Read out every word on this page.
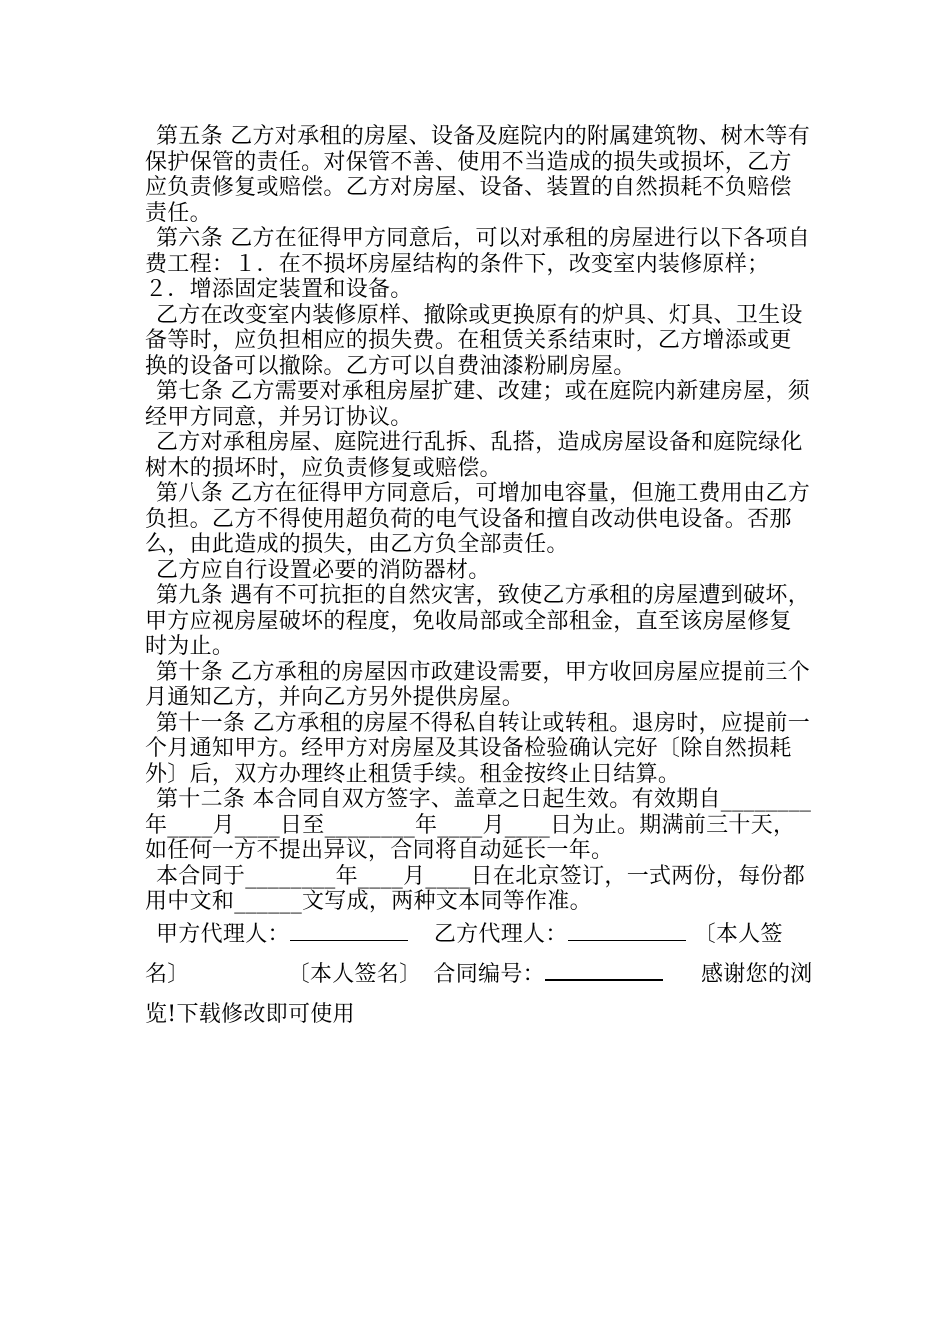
第五条 乙方对承租的房屋、设备及庭院内的附属建筑物、树木等有保护保管的责任。对保管不善、使用不当造成的损失或损坏，乙方应负责修复或赔偿。乙方对房屋、设备、装置的自然损耗不负赔偿责任。

第六条 乙方在征得甲方同意后，可以对承租的房屋进行以下各项自费工程：１．在不损坏房屋结构的条件下，改变室内装修原样；２．增添固定装置和设备。

乙方在改变室内装修原样、撤除或更换原有的炉具、灯具、卫生设备等时，应负担相应的损失费。在租赁关系结束时，乙方增添或更换的设备可以撤除。乙方可以自费油漆粉刷房屋。

第七条 乙方需要对承租房屋扩建、改建；或在庭院内新建房屋，须经甲方同意，并另订协议。

乙方对承租房屋、庭院进行乱拆、乱搭，造成房屋设备和庭院绿化树木的损坏时，应负责修复或赔偿。

第八条 乙方在征得甲方同意后，可增加电容量，但施工费用由乙方负担。乙方不得使用超负荷的电气设备和擅自改动供电设备。否那么，由此造成的损失，由乙方负全部责任。

乙方应自行设置必要的消防器材。

第九条 遇有不可抗拒的自然灾害，致使乙方承租的房屋遭到破坏，甲方应视房屋破坏的程度，免收局部或全部租金，直至该房屋修复时为止。

第十条 乙方承租的房屋因市政建设需要，甲方收回房屋应提前三个月通知乙方，并向乙方另外提供房屋。

第十一条 乙方承租的房屋不得私自转让或转租。退房时，应提前一个月通知甲方。经甲方对房屋及其设备检验确认完好〔除自然损耗外〕后，双方办理终止租赁手续。租金按终止日结算。

第十二条 本合同自双方签字、盖章之日起生效。有效期自________年____月____日至________年____月____日为止。期满前三十天，如任何一方不提出异议，合同将自动延长一年。

本合同于________年____月____日在北京签订，一式两份，每份都用中文和______文写成，两种文本同等作准。

甲方代理人：	乙方代理人：	〔本人签名〕	〔本人签名〕 合同编号：	感谢您的浏览!下载修改即可使用
